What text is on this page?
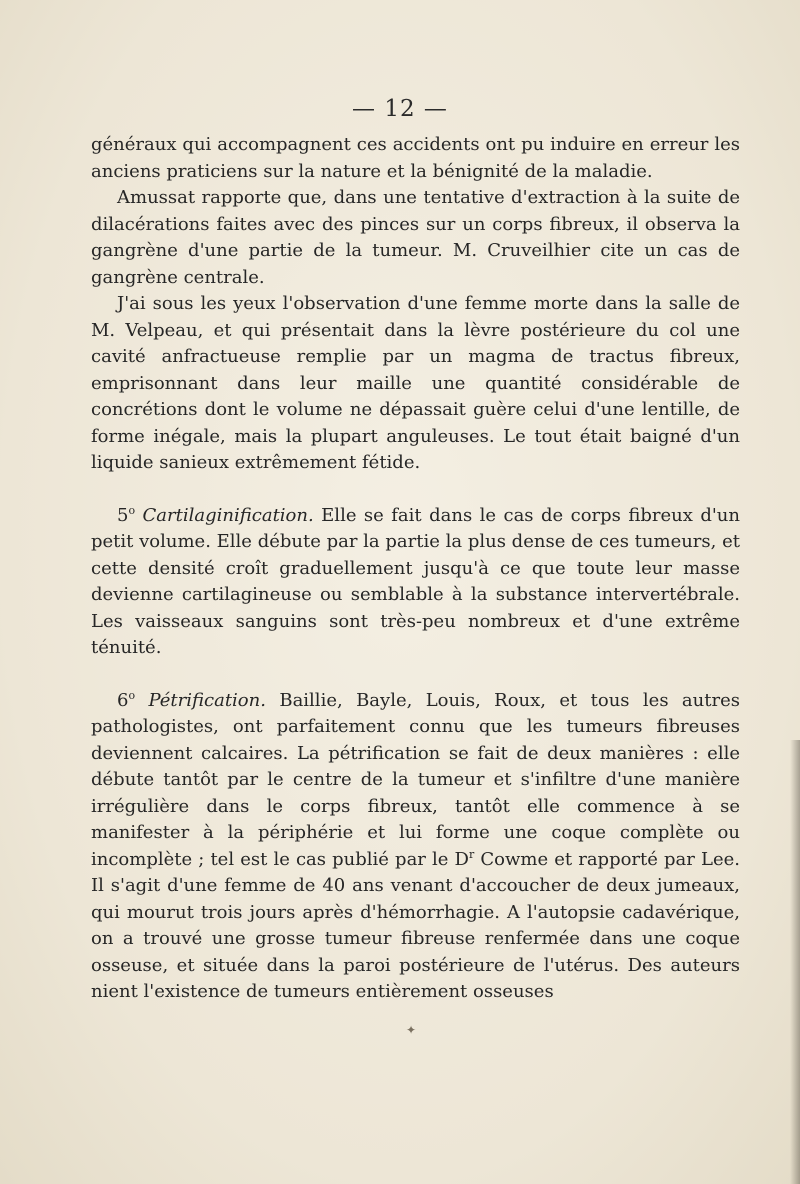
— 12 —

généraux qui accompagnent ces accidents ont pu induire en erreur les anciens praticiens sur la nature et la bénignité de la maladie.

Amussat rapporte que, dans une tentative d'extraction à la suite de dilacérations faites avec des pinces sur un corps fibreux, il observa la gangrène d'une partie de la tumeur. M. Cruveilhier cite un cas de gangrène centrale.

J'ai sous les yeux l'observation d'une femme morte dans la salle de M. Velpeau, et qui présentait dans la lèvre postérieure du col une cavité anfractueuse remplie par un magma de tractus fibreux, emprisonnant dans leur maille une quantité considérable de concrétions dont le volume ne dépassait guère celui d'une lentille, de forme inégale, mais la plupart anguleuses. Le tout était baigné d'un liquide sanieux extrêmement fétide.

5$^o$ Cartilaginification. Elle se fait dans le cas de corps fibreux d'un petit volume. Elle débute par la partie la plus dense de ces tumeurs, et cette densité croît graduellement jusqu'à ce que toute leur masse devienne cartilagineuse ou semblable à la substance intervertébrale. Les vaisseaux sanguins sont très-peu nombreux et d'une extrême ténuité.

6$^o$ Pétrification. Baillie, Bayle, Louis, Roux, et tous les autres pathologistes, ont parfaitement connu que les tumeurs fibreuses deviennent calcaires. La pétrification se fait de deux manières : elle débute tantôt par le centre de la tumeur et s'infiltre d'une manière irrégulière dans le corps fibreux, tantôt elle commence à se manifester à la périphérie et lui forme une coque complète ou incomplète ; tel est le cas publié par le $D^r$ Cowme et rapporté par Lee. Il s'agit d'une femme de 40 ans venant d'accoucher de deux jumeaux, qui mourut trois jours après d'hémorrhagie. A l'autopsie cadavérique, on a trouvé une grosse tumeur fibreuse renfermée dans une coque osseuse, et située dans la paroi postérieure de l'utérus. Des auteurs nient l'existence de tumeurs entièrement osseuses

✦
